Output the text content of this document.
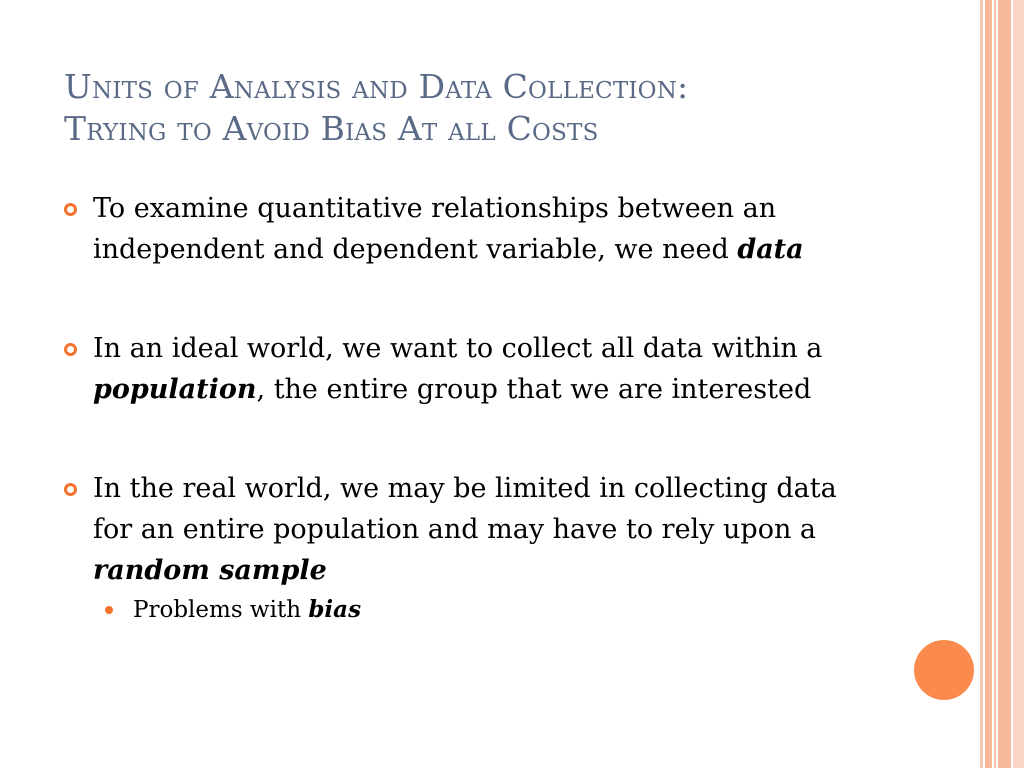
Units of Analysis and Data Collection:
Trying to Avoid Bias At all Costs
To examine quantitative relationships between an independent and dependent variable, we need data
In an ideal world, we want to collect all data within a population, the entire group that we are interested
In the real world, we may be limited in collecting data for an entire population and may have to rely upon a random sample
Problems with bias
